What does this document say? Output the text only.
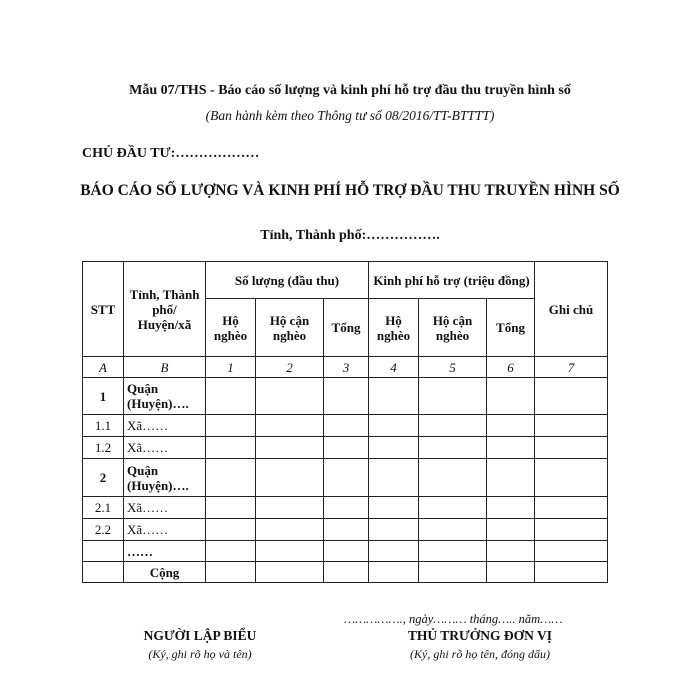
Mẫu 07/THS - Báo cáo số lượng và kinh phí hỗ trợ đầu thu truyền hình số
(Ban hành kèm theo Thông tư số 08/2016/TT-BTTTT)
CHỦ ĐẦU TƯ:………………
BÁO CÁO SỐ LƯỢNG VÀ KINH PHÍ HỖ TRỢ ĐẦU THU TRUYỀN HÌNH SỐ
Tỉnh, Thành phố:…………….
STT	Tỉnh, Thành phố/ Huyện/xã	Số lượng (đầu thu)			Kinh phí hỗ trợ (triệu đồng)			Ghi chú
		Hộ nghèo	Hộ cận nghèo	Tổng	Hộ nghèo	Hộ cận nghèo	Tổng	
A	B	1	2	3	4	5	6	7
1	Quận (Huyện)….							
1.1	Xã……							
1.2	Xã……							
2	Quận (Huyện)….							
2.1	Xã……							
2.2	Xã……							
	……							
	Cộng							
……………., ngày……… tháng….. năm……
NGƯỜI LẬP BIỂU
(Ký, ghi rõ họ và tên)
THỦ TRƯỞNG ĐƠN VỊ
(Ký, ghi rõ họ tên, đóng dấu)
